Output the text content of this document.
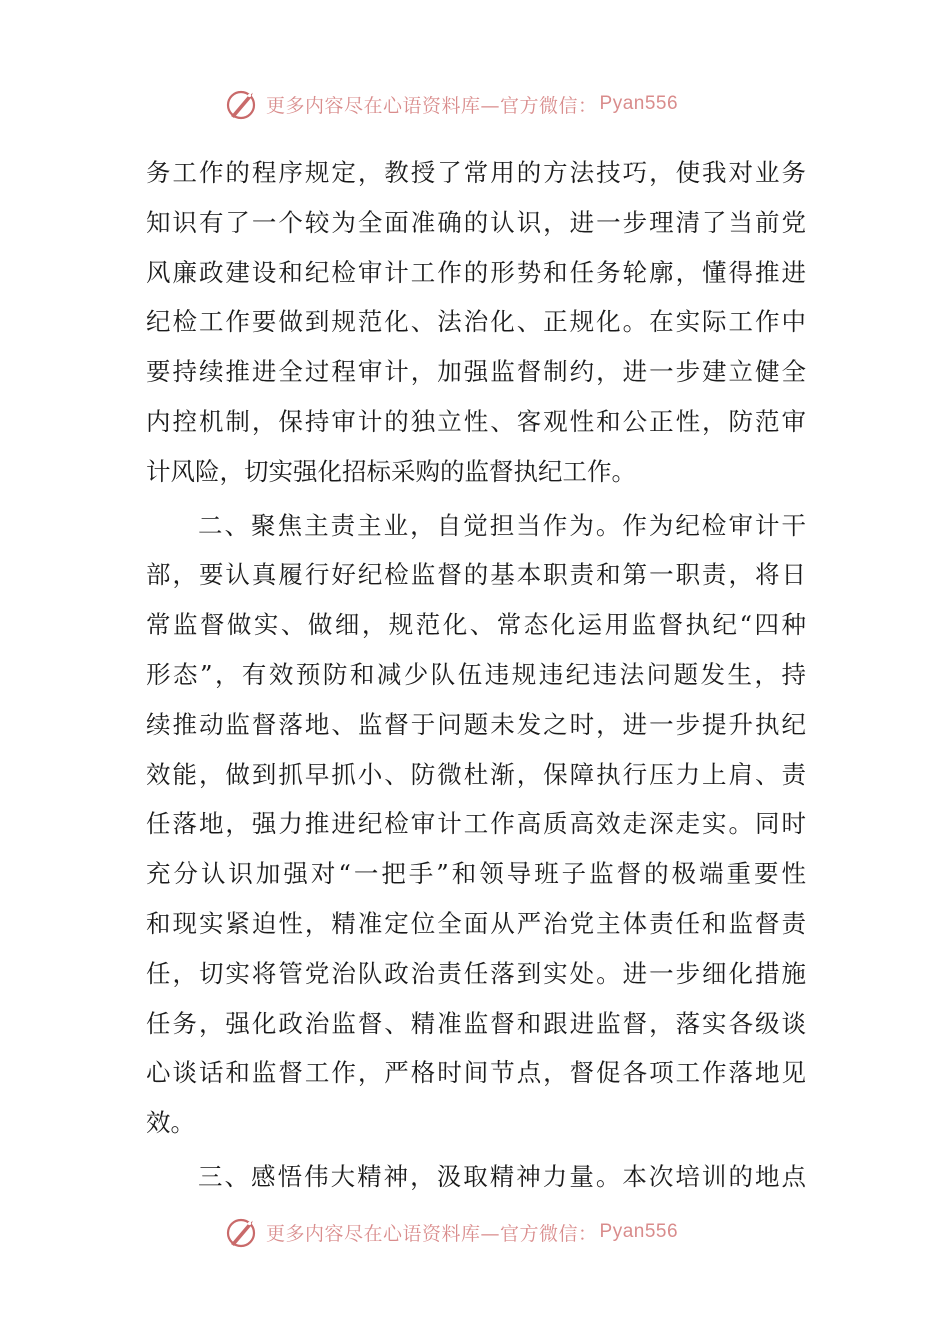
更多内容尽在心语资料库—官方微信： Pyan556
务工作的程序规定，教授了常用的方法技巧，使我对业务
知识有了一个较为全面准确的认识，进一步理清了当前党
风廉政建设和纪检审计工作的形势和任务轮廓，懂得推进
纪检工作要做到规范化、法治化、正规化。在实际工作中
要持续推进全过程审计，加强监督制约，进一步建立健全
内控机制，保持审计的独立性、客观性和公正性，防范审
计风险，切实强化招标采购的监督执纪工作。
二、聚焦主责主业，自觉担当作为。作为纪检审计干
部，要认真履行好纪检监督的基本职责和第一职责，将日
常监督做实、做细，规范化、常态化运用监督执纪“四种
形态”，有效预防和减少队伍违规违纪违法问题发生，持
续推动监督落地、监督于问题未发之时，进一步提升执纪
效能，做到抓早抓小、防微杜渐，保障执行压力上肩、责
任落地，强力推进纪检审计工作高质高效走深走实。同时
充分认识加强对“一把手”和领导班子监督的极端重要性
和现实紧迫性，精准定位全面从严治党主体责任和监督责
任，切实将管党治队政治责任落到实处。进一步细化措施
任务，强化政治监督、精准监督和跟进监督，落实各级谈
心谈话和监督工作，严格时间节点，督促各项工作落地见
效。
三、感悟伟大精神，汲取精神力量。本次培训的地点
更多内容尽在心语资料库—官方微信： Pyan556
